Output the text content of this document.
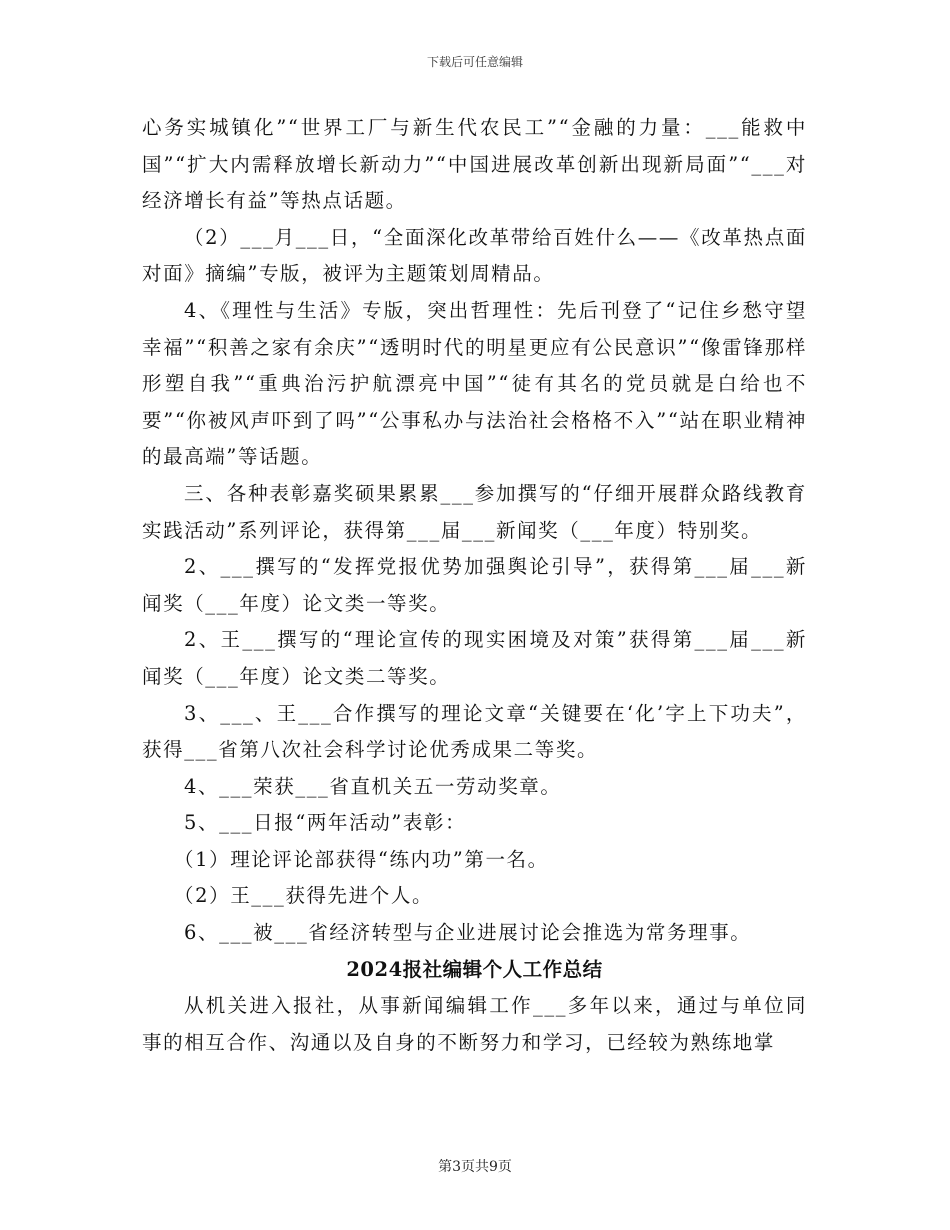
下载后可任意编辑

心务实城镇化”“世界工厂与新生代农民工”“金融的力量：___能救中国”“扩大内需释放增长新动力”“中国进展改革创新出现新局面”“___对经济增长有益”等热点话题。

（2）___月___日，“全面深化改革带给百姓什么——《改革热点面对面》摘编”专版，被评为主题策划周精品。

4、《理性与生活》专版，突出哲理性：先后刊登了“记住乡愁守望幸福”“积善之家有余庆”“透明时代的明星更应有公民意识”“像雷锋那样形塑自我”“重典治污护航漂亮中国”“徒有其名的党员就是白给也不要”“你被风声吓到了吗”“公事私办与法治社会格格不入”“站在职业精神的最高端”等话题。

三、各种表彰嘉奖硕果累累___参加撰写的“仔细开展群众路线教育实践活动”系列评论，获得第___届___新闻奖（___年度）特别奖。

2、___撰写的“发挥党报优势加强舆论引导”，获得第___届___新闻奖（___年度）论文类一等奖。

2、王___撰写的“理论宣传的现实困境及对策”获得第___届___新闻奖（___年度）论文类二等奖。

3、___、王___合作撰写的理论文章“关键要在‘化’字上下功夫”，获得___省第八次社会科学讨论优秀成果二等奖。

4、___荣获___省直机关五一劳动奖章。

5、___日报“两年活动”表彰：

（1）理论评论部获得“练内功”第一名。

（2）王___获得先进个人。

6、___被___省经济转型与企业进展讨论会推选为常务理事。

2024报社编辑个人工作总结

从机关进入报社，从事新闻编辑工作___多年以来，通过与单位同事的相互合作、沟通以及自身的不断努力和学习，已经较为熟练地掌

第3页共9页
